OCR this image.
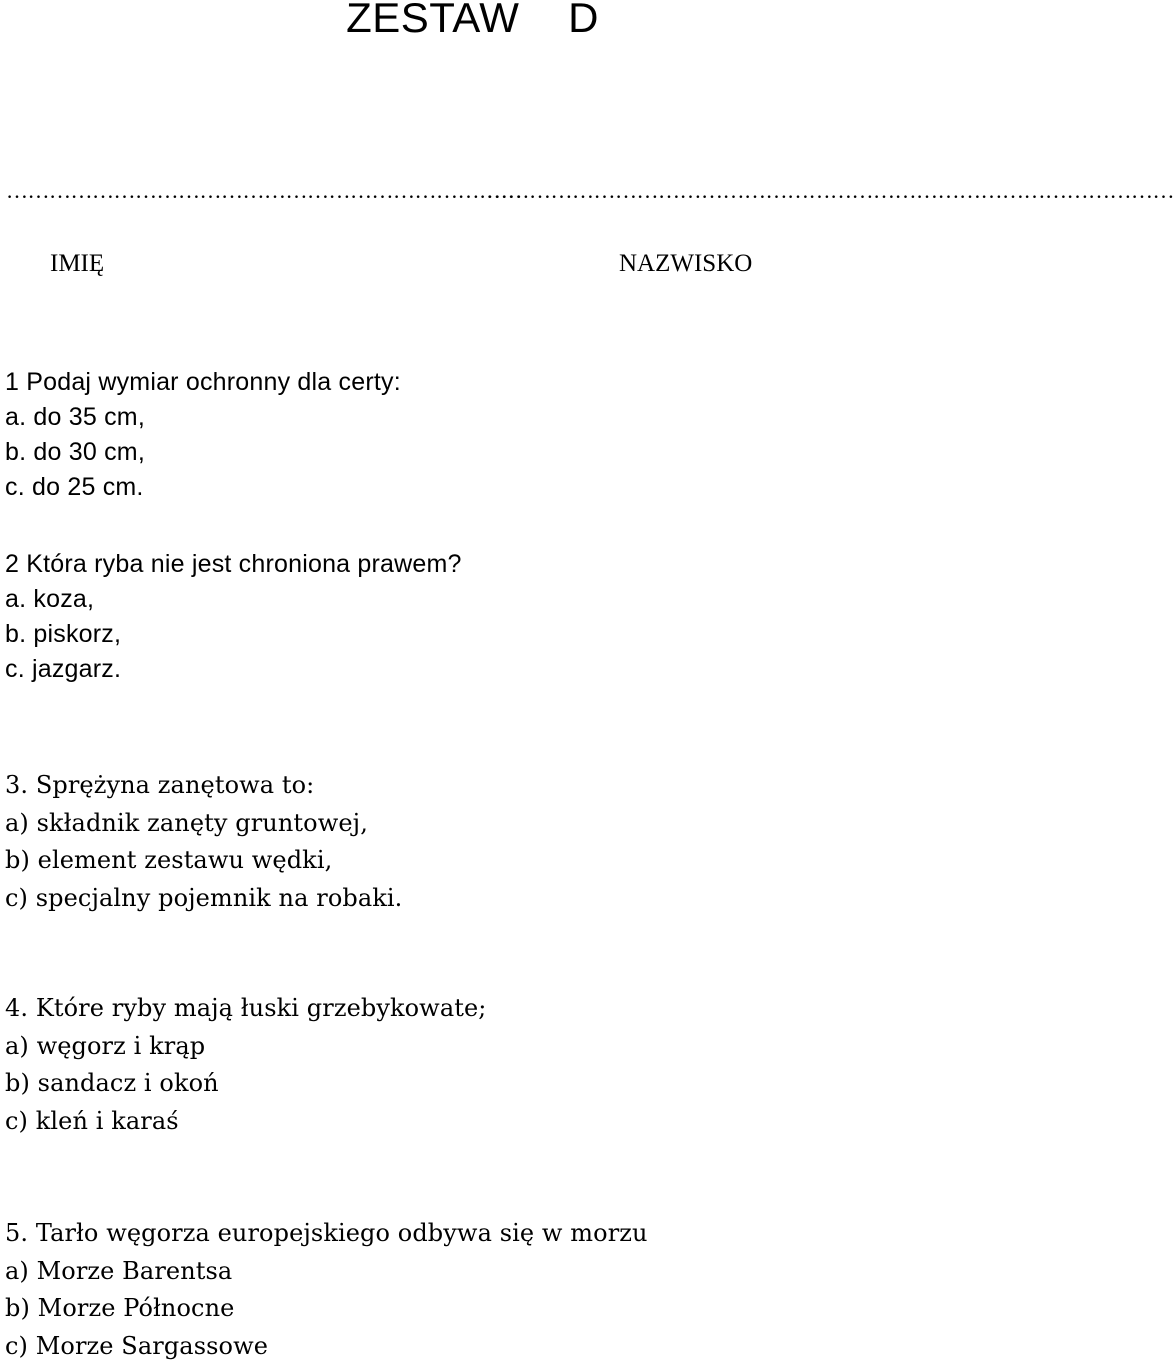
ZESTAW    D
………………………………………………………………
……………………………………………………………………………………
IMIĘ	NAZWISKO
1 Podaj wymiar ochronny dla certy:
a. do 35 cm,
b. do 30 cm,
c. do 25 cm.
2 Która ryba nie jest chroniona prawem?
a. koza,
b. piskorz,
c. jazgarz.
3. Sprężyna zanętowa to:
a) składnik zanęty gruntowej,
b) element zestawu wędki,
c) specjalny pojemnik na robaki.
4. Które ryby mają łuski grzebykowate;
a) węgorz i krąp
b) sandacz i okoń
c) kleń i karaś
5. Tarło węgorza europejskiego odbywa się w morzu
a) Morze Barentsa
b) Morze Północne
c) Morze Sargassowe
